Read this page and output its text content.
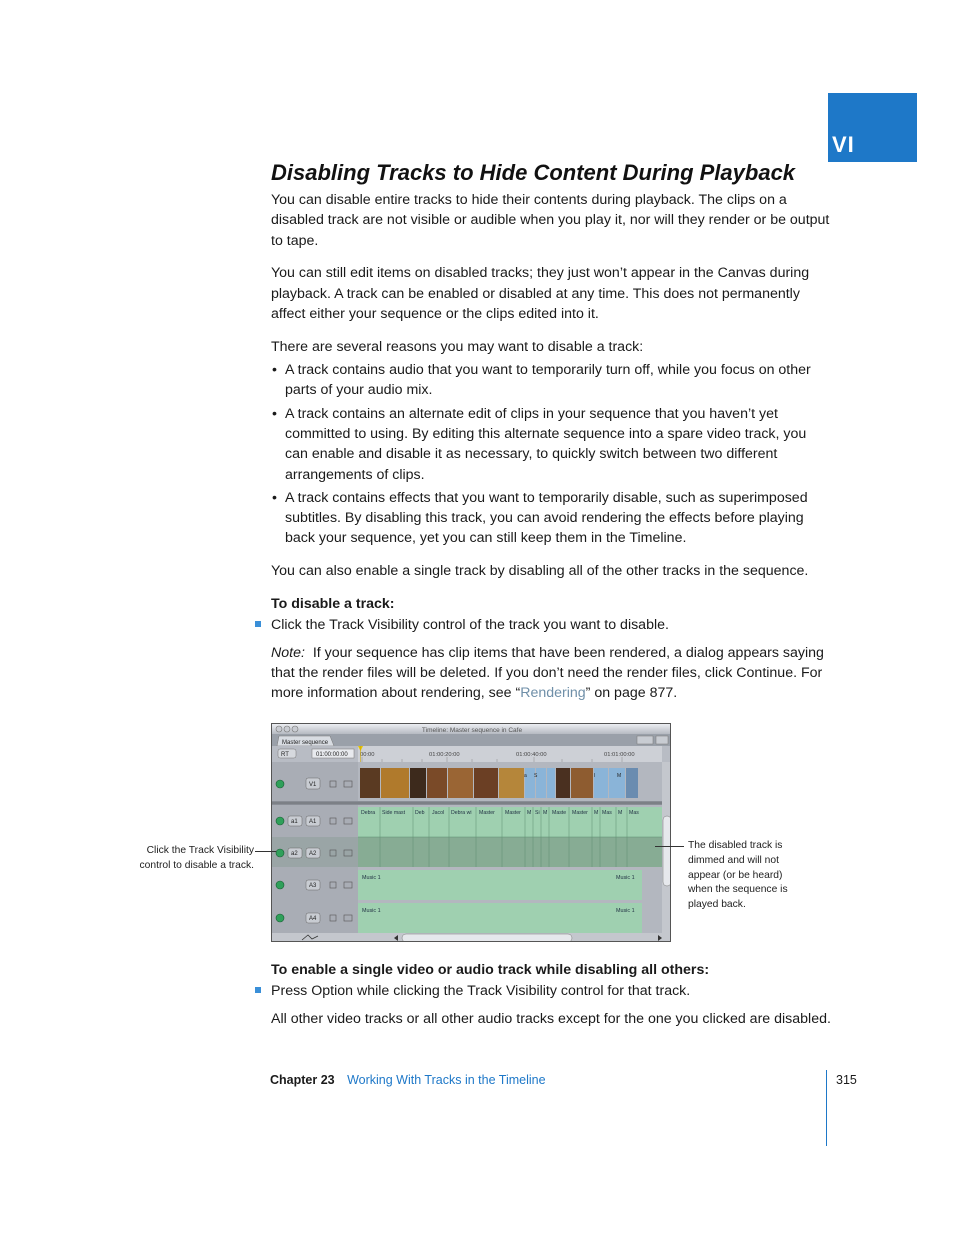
VI
Disabling Tracks to Hide Content During Playback

You can disable entire tracks to hide their contents during playback. The clips on a disabled track are not visible or audible when you play it, nor will they render or be output to tape.

You can still edit items on disabled tracks; they just won’t appear in the Canvas during playback. A track can be enabled or disabled at any time. This does not permanently affect either your sequence or the clips edited into it.

There are several reasons you may want to disable a track:

• A track contains audio that you want to temporarily turn off, while you focus on other parts of your audio mix.
• A track contains an alternate edit of clips in your sequence that you haven’t yet committed to using. By editing this alternate sequence into a spare video track, you can enable and disable it as necessary, to quickly switch between two different arrangements of clips.
• A track contains effects that you want to temporarily disable, such as superimposed subtitles. By disabling this track, you can avoid rendering the effects before playing back your sequence, yet you can still keep them in the Timeline.

You can also enable a single track by disabling all of the other tracks in the sequence.

To disable a track:

Click the Track Visibility control of the track you want to disable.

Note: If your sequence has clip items that have been rendered, a dialog appears saying that the render files will be deleted. If you don’t need the render files, click Continue. For more information about rendering, see “Rendering” on page 877.

Timeline: Master sequence in Cafe
Master sequence
RT	01:00:00:00 00:00	01:00:20:00	01:00:40:00	01:01:00:00
a S	I	M
Debra Side mast Deb Jacol Debra wi Master Master M Si M Maste Master M Mas M Mas
Music 1	Music 1
Music 1	Music 1
V1
a1 A1
a2 A2
A3
A4
Click the Track Visibility control to disable a track.
The disabled track is dimmed and will not appear (or be heard) when the sequence is played back.

To enable a single video or audio track while disabling all others:

Press Option while clicking the Track Visibility control for that track.

All other video tracks or all other audio tracks except for the one you clicked are disabled.

Chapter 23 Working With Tracks in the Timeline	315
